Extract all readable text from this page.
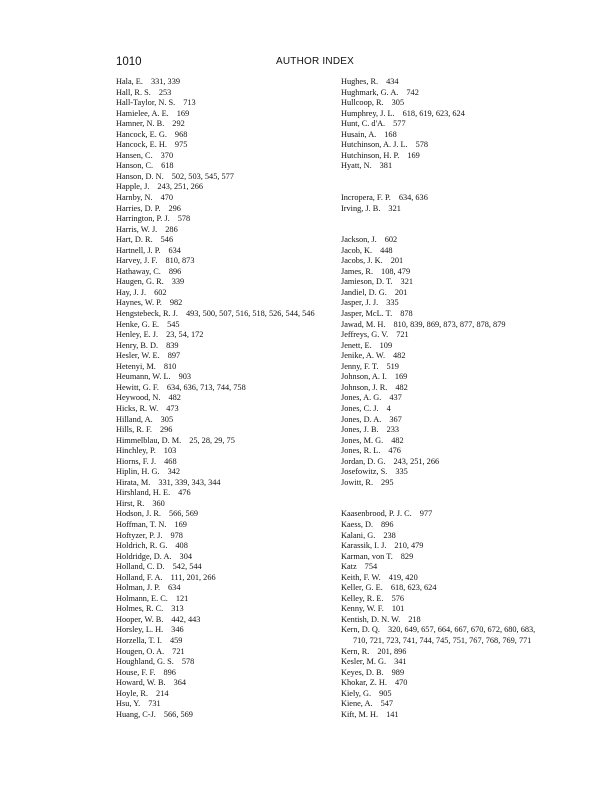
1010	AUTHOR INDEX
Hala, E. 331, 339
Hall, R. S. 253
Hall-Taylor, N. S. 713
Hamielee, A. E. 169
Hamner, N. B. 292
Hancock, E. G. 968
Hancock, E. H. 975
Hansen, C. 370
Hanson, C. 618
Hanson, D. N. 502, 503, 545, 577
Happle, J. 243, 251, 266
Harnby, N. 470
Harries, D. P. 296
Harrington, P. J. 578
Harris, W. J. 286
Hart, D. R. 546
Hartnell, J. P. 634
Harvey, J. F. 810, 873
Hathaway, C. 896
Haugen, G. R. 339
Hay, J. J. 602
Haynes, W. P. 982
Hengstebeck, R. J. 493, 500, 507, 516, 518, 526, 544, 546
Henke, G. E. 545
Henley, E. J. 23, 54, 172
Henry, B. D. 839
Hesler, W. E. 897
Hetenyi, M. 810
Heumann, W. L. 903
Hewitt, G. F. 634, 636, 713, 744, 758
Heywood, N. 482
Hicks, R. W. 473
Hilland, A. 305
Hills, R. F. 296
Himmelblau, D. M. 25, 28, 29, 75
Hinchley, P. 103
Hiorns, F. J. 468
Hiplin, H. G. 342
Hirata, M. 331, 339, 343, 344
Hirshland, H. E. 476
Hirst, R. 360
Hodson, J. R. 566, 569
Hoffman, T. N. 169
Hoftyzer, P. J. 978
Holdrich, R. G. 408
Holdridge, D. A. 304
Holland, C. D. 542, 544
Holland, F. A. 111, 201, 266
Holman, J. P. 634
Holmann, E. C. 121
Holmes, R. C. 313
Hooper, W. B. 442, 443
Horsley, L. H. 346
Horzella, T. I. 459
Hougen, O. A. 721
Houghland, G. S. 578
House, F. F. 896
Howard, W. B. 364
Hoyle, R. 214
Hsu, Y. 731
Huang, C-J. 566, 569
Hughes, R. 434
Hughmark, G. A. 742
Hullcoop, R. 305
Humphrey, J. L. 618, 619, 623, 624
Hunt, C. d'A. 577
Husain, A. 168
Hutchinson, A. J. L. 578
Hutchinson, H. P. 169
Hyatt, N. 381
Incropera, F. P. 634, 636
Irving, J. B. 321
Jackson, J. 602
Jacob, K. 448
Jacobs, J. K. 201
James, R. 108, 479
Jamieson, D. T. 321
Jandiel, D. G. 201
Jasper, J. J. 335
Jasper, McL. T. 878
Jawad, M. H. 810, 839, 869, 873, 877, 878, 879
Jeffreys, G. V. 721
Jenett, E. 109
Jenike, A. W. 482
Jenny, F. T. 519
Johnson, A. I. 169
Johnson, J. R. 482
Jones, A. G. 437
Jones, C. J. 4
Jones, D. A. 367
Jones, J. B. 233
Jones, M. G. 482
Jones, R. L. 476
Jordan, D. G. 243, 251, 266
Josefowitz, S. 335
Jowitt, R. 295
Kaasenbrood, P. J. C. 977
Kaess, D. 896
Kalani, G. 238
Karassik, I. J. 210, 479
Karman, von T. 829
Katz 754
Keith, F. W. 419, 420
Keller, G. E. 618, 623, 624
Kelley, R. E. 576
Kenny, W. F. 101
Kentish, D. N. W. 218
Kern, D. Q. 320, 649, 657, 664, 667, 670, 672, 680, 683, 710, 721, 723, 741, 744, 745, 751, 767, 768, 769, 771
Kern, R. 201, 896
Kesler, M. G. 341
Keyes, D. B. 989
Khokar, Z. H. 470
Kiely, G. 905
Kiene, A. 547
Kift, M. H. 141
